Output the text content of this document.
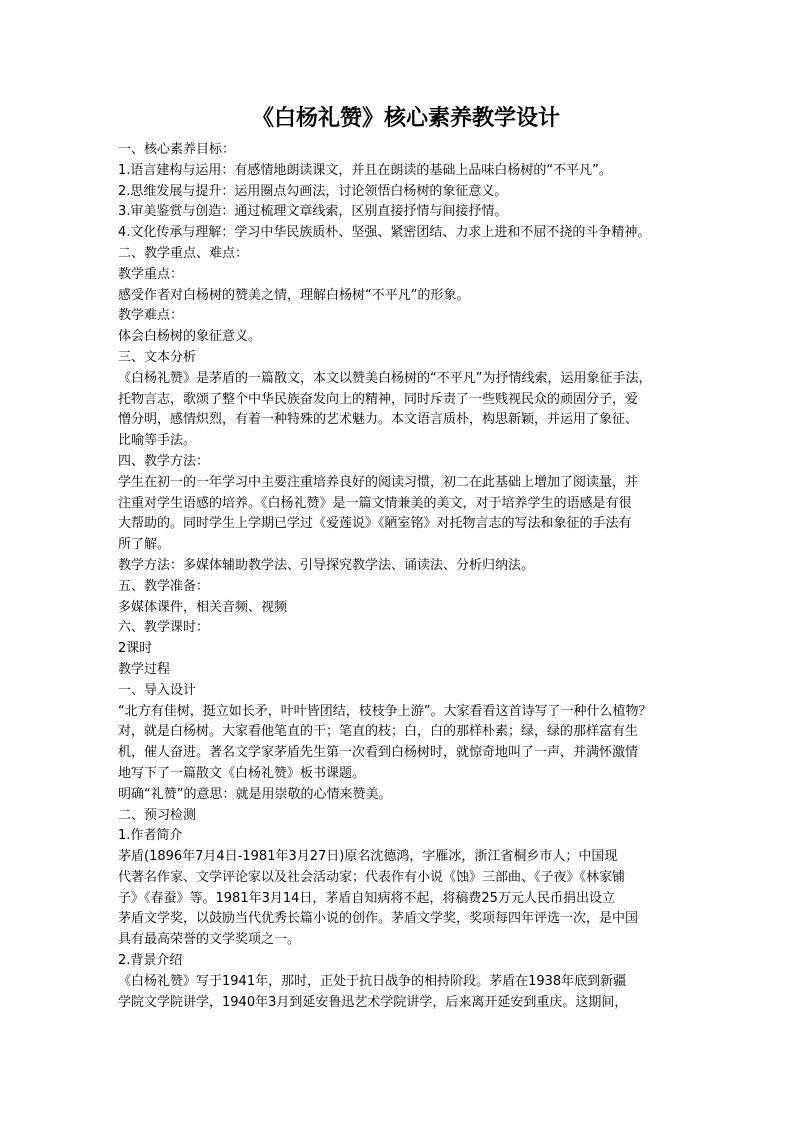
《白杨礼赞》核心素养教学设计

一、核心素养目标：

1.语言建构与运用：有感情地朗读课文，并且在朗读的基础上品味白杨树的“不平凡”。

2.思维发展与提升：运用圈点勾画法，讨论领悟白杨树的象征意义。

3.审美鉴赏与创造：通过梳理文章线索，区别直接抒情与间接抒情。

4.文化传承与理解：学习中华民族质朴、坚强、紧密团结、力求上进和不屈不挠的斗争精神。

二、教学重点、难点：

教学重点：

感受作者对白杨树的赞美之情，理解白杨树“不平凡”的形象。

教学难点：

体会白杨树的象征意义。

三、文本分析

《白杨礼赞》是茅盾的一篇散文，本文以赞美白杨树的“不平凡”为抒情线索，运用象征手法，

托物言志，歌颂了整个中华民族奋发向上的精神，同时斥责了一些贱视民众的顽固分子，爱

憎分明，感情炽烈，有着一种特殊的艺术魅力。本文语言质朴，构思新颖，并运用了象征、

比喻等手法。

四、教学方法：

学生在初一的一年学习中主要注重培养良好的阅读习惯，初二在此基础上增加了阅读量，并

注重对学生语感的培养。《白杨礼赞》是一篇文情兼美的美文，对于培养学生的语感是有很

大帮助的。同时学生上学期已学过《爱莲说》《陋室铭》对托物言志的写法和象征的手法有

所了解。

教学方法：多媒体辅助教学法、引导探究教学法、诵读法、分析归纳法。

五、教学准备：

多媒体课件，相关音频、视频

六、教学课时：

2课时

教学过程

一、导入设计

“北方有佳树，挺立如长矛，叶叶皆团结，枝枝争上游”。大家看看这首诗写了一种什么植物？

对，就是白杨树。大家看他笔直的干；笔直的枝；白，白的那样朴素；绿，绿的那样富有生

机，催人奋进。著名文学家茅盾先生第一次看到白杨树时，就惊奇地叫了一声，并满怀激情

地写下了一篇散文《白杨礼赞》板书课题。

明确“礼赞”的意思：就是用崇敬的心情来赞美。

二、预习检测

1.作者简介

茅盾(1896年7月4日-1981年3月27日)原名沈德鸿，字雁冰，浙江省桐乡市人；中国现

代著名作家、文学评论家以及社会活动家；代表作有小说《蚀》三部曲、《子夜》《林家铺

子》《春蚕》等。1981年3月14日，茅盾自知病将不起，将稿费25万元人民币捐出设立

茅盾文学奖，以鼓励当代优秀长篇小说的创作。茅盾文学奖，奖项每四年评选一次，是中国

具有最高荣誉的文学奖项之一。

2.背景介绍

《白杨礼赞》写于1941年，那时，正处于抗日战争的相持阶段。茅盾在1938年底到新疆

学院文学院讲学，1940年3月到延安鲁迅艺术学院讲学，后来离开延安到重庆。这期间，
